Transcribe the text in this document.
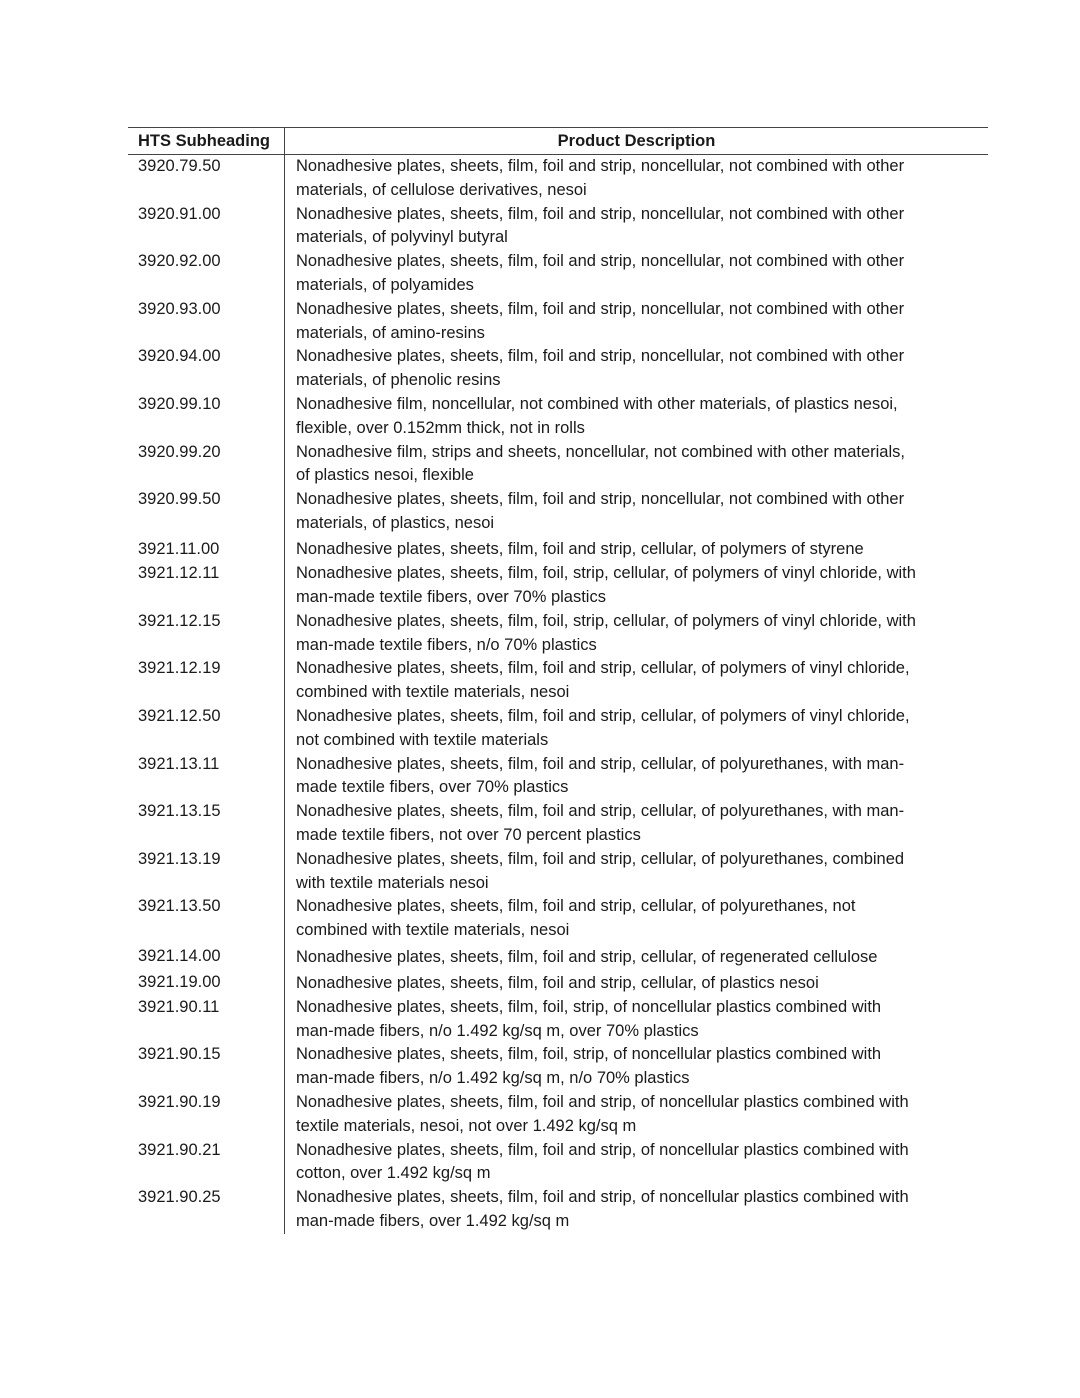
HTS Subheading	Product Description
3920.79.50	Nonadhesive plates, sheets, film, foil and strip, noncellular, not combined with other
materials, of cellulose derivatives, nesoi
3920.91.00	Nonadhesive plates, sheets, film, foil and strip, noncellular, not combined with other
materials, of polyvinyl butyral
3920.92.00	Nonadhesive plates, sheets, film, foil and strip, noncellular, not combined with other
materials, of polyamides
3920.93.00	Nonadhesive plates, sheets, film, foil and strip, noncellular, not combined with other
materials, of amino-resins
3920.94.00	Nonadhesive plates, sheets, film, foil and strip, noncellular, not combined with other
materials, of phenolic resins
3920.99.10	Nonadhesive film, noncellular, not combined with other materials, of plastics nesoi,
flexible, over 0.152mm thick, not in rolls
3920.99.20	Nonadhesive film, strips and sheets, noncellular, not combined with other materials,
of plastics nesoi, flexible
3920.99.50	Nonadhesive plates, sheets, film, foil and strip, noncellular, not combined with other
materials, of plastics, nesoi
3921.11.00	Nonadhesive plates, sheets, film, foil and strip, cellular, of polymers of styrene
3921.12.11	Nonadhesive plates, sheets, film, foil, strip, cellular, of polymers of vinyl chloride, with
man-made textile fibers, over 70% plastics
3921.12.15	Nonadhesive plates, sheets, film, foil, strip, cellular, of polymers of vinyl chloride, with
man-made textile fibers, n/o 70% plastics
3921.12.19	Nonadhesive plates, sheets, film, foil and strip, cellular, of polymers of vinyl chloride,
combined with textile materials, nesoi
3921.12.50	Nonadhesive plates, sheets, film, foil and strip, cellular, of polymers of vinyl chloride,
not combined with textile materials
3921.13.11	Nonadhesive plates, sheets, film, foil and strip, cellular, of polyurethanes, with man-
made textile fibers, over 70% plastics
3921.13.15	Nonadhesive plates, sheets, film, foil and strip, cellular, of polyurethanes, with man-
made textile fibers, not over 70 percent plastics
3921.13.19	Nonadhesive plates, sheets, film, foil and strip, cellular, of polyurethanes, combined
with textile materials nesoi
3921.13.50	Nonadhesive plates, sheets, film, foil and strip, cellular, of polyurethanes, not
combined with textile materials, nesoi
3921.14.00	Nonadhesive plates, sheets, film, foil and strip, cellular, of regenerated cellulose
3921.19.00	Nonadhesive plates, sheets, film, foil and strip, cellular, of plastics nesoi
3921.90.11	Nonadhesive plates, sheets, film, foil, strip, of noncellular plastics combined with
man-made fibers, n/o 1.492 kg/sq m, over 70% plastics
3921.90.15	Nonadhesive plates, sheets, film, foil, strip, of noncellular plastics combined with
man-made fibers, n/o 1.492 kg/sq m, n/o 70% plastics
3921.90.19	Nonadhesive plates, sheets, film, foil and strip, of noncellular plastics combined with
textile materials, nesoi, not over 1.492 kg/sq m
3921.90.21	Nonadhesive plates, sheets, film, foil and strip, of noncellular plastics combined with
cotton, over 1.492 kg/sq m
3921.90.25	Nonadhesive plates, sheets, film, foil and strip, of noncellular plastics combined with
man-made fibers, over 1.492 kg/sq m
